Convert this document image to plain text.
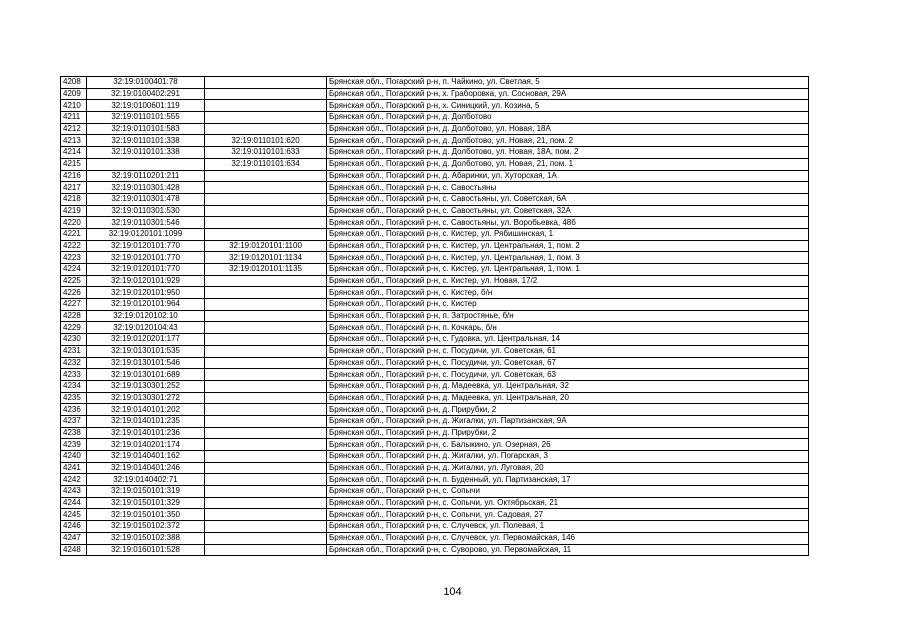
4208	32:19:0100401:78		Брянская обл., Погарский р-н, п. Чайкино, ул. Светлая, 5
4209	32:19:0100402:291		Брянская обл., Погарский р-н, х. Граборовка, ул. Сосновая, 29А
4210	32:19:0100601:119		Брянская обл., Погарский р-н, х. Синицкий, ул. Козина, 5
4211	32:19:0110101:555		Брянская обл., Погарский р-н, д. Долботово
4212	32:19:0110101:583		Брянская обл., Погарский р-н, д. Долботово, ул. Новая, 18А
4213	32:19:0110101:338	32:19:0110101:620	Брянская обл., Погарский р-н, д. Долботово, ул. Новая, 21, пом. 2
4214	32:19:0110101:338	32:19:0110101:633	Брянская обл., Погарский р-н, д. Долботово, ул. Новая, 18А, пом. 2
4215		32:19:0110101:634	Брянская обл., Погарский р-н, д. Долботово, ул. Новая, 21, пом. 1
4216	32:19:0110201:211		Брянская обл., Погарский р-н, д. Абаринки, ул. Хуторская, 1А
4217	32:19:0110301:428		Брянская обл., Погарский р-н, с. Савостьяны
4218	32:19:0110301:478		Брянская обл., Погарский р-н, с. Савостьяны, ул. Советская, 6А
4219	32:19:0110301:530		Брянская обл., Погарский р-н, с. Савостьяны, ул. Советская, 32А
4220	32:19:0110301:546		Брянская обл., Погарский р-н, с. Савостьяны, ул. Воробьевка, 48б
4221	32:19:0120101:1099		Брянская обл., Погарский р-н, с. Кистер, ул. Рябишинская, 1
4222	32:19:0120101:770	32:19:0120101:1100	Брянская обл., Погарский р-н, с. Кистер, ул. Центральная, 1, пом. 2
4223	32:19:0120101:770	32:19:0120101:1134	Брянская обл., Погарский р-н, с. Кистер, ул. Центральная, 1, пом. 3
4224	32:19:0120101:770	32:19:0120101:1135	Брянская обл., Погарский р-н, с. Кистер, ул. Центральная, 1, пом. 1
4225	32:19:0120101:929		Брянская обл., Погарский р-н, с. Кистер, ул. Новая, 17/2
4226	32:19:0120101:950		Брянская обл., Погарский р-н, с. Кистер, б/н
4227	32:19:0120101:964		Брянская обл., Погарский р-н, с. Кистер
4228	32:19:0120102:10		Брянская обл., Погарский р-н, п. Затростянье, б/н
4229	32:19:0120104:43		Брянская обл., Погарский р-н, п. Кочкарь, б/н
4230	32:19:0120201:177		Брянская обл., Погарский р-н, с. Гудовка, ул. Центральная, 14
4231	32:19:0130101:535		Брянская обл., Погарский р-н, с. Посудичи, ул. Советская, 61
4232	32:19:0130101:546		Брянская обл., Погарский р-н, с. Посудичи, ул. Советская, 67
4233	32:19:0130101:689		Брянская обл., Погарский р-н, с. Посудичи, ул. Советская, 63
4234	32:19:0130301:252		Брянская обл., Погарский р-н, д. Мадеевка, ул. Центральная, 32
4235	32:19:0130301:272		Брянская обл., Погарский р-н, д. Мадеевка, ул. Центральная, 20
4236	32:19:0140101:202		Брянская обл., Погарский р-н, д. Прирубки, 2
4237	32:19:0140101:235		Брянская обл., Погарский р-н, д. Жигалки, ул. Партизанская, 9А
4238	32:19:0140101:236		Брянская обл., Погарский р-н, д. Прирубки, 2
4239	32:19:0140201:174		Брянская обл., Погарский р-н, с. Балыкино, ул. Озерная, 26
4240	32:19:0140401:162		Брянская обл., Погарский р-н, д. Жигалки, ул. Погарская, 3
4241	32:19:0140401:246		Брянская обл., Погарский р-н, д. Жигалки, ул. Луговая, 20
4242	32:19:0140402:71		Брянская обл., Погарский р-н, п. Буденный, ул. Партизанская, 17
4243	32:19:0150101:319		Брянская обл., Погарский р-н, с. Сопычи
4244	32:19:0150101:329		Брянская обл., Погарский р-н, с. Сопычи, ул. Октябрьская, 21
4245	32:19:0150101:350		Брянская обл., Погарский р-н, с. Сопычи, ул. Садовая, 27
4246	32:19:0150102:372		Брянская обл., Погарский р-н, с. Случевск, ул. Полевая, 1
4247	32:19:0150102:388		Брянская обл., Погарский р-н, с. Случевск, ул. Первомайская, 146
4248	32:19:0160101:528		Брянская обл., Погарский р-н, с. Суворово, ул. Первомайская, 11
104
